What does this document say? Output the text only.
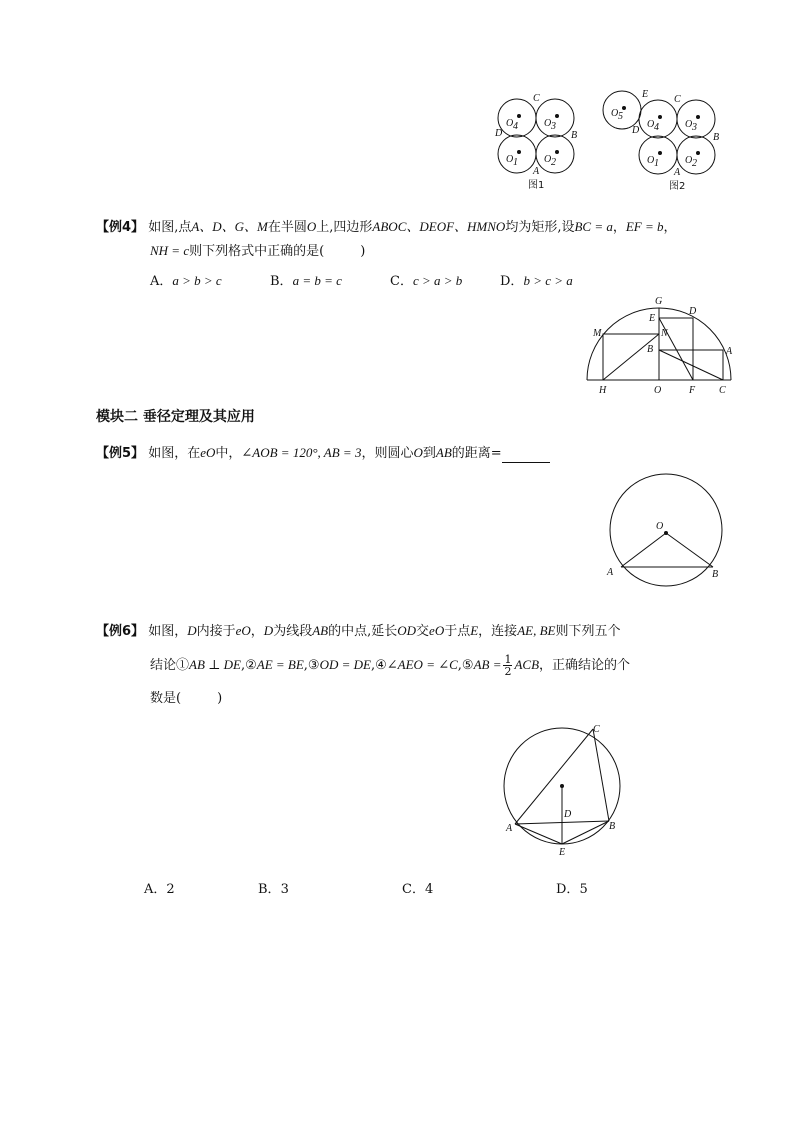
C
D	B
A
O 4	O 3
O 1	O 2
图1
E	C
D
B
A
O 5
O 4	O 3
O 1	O 2
图2
【例4】 如图,点A、D、G、M在半圆O上,四边形ABOC、DEOF、HMNO均为矩形,设BC = a，EF = b，
NH = c则下列格式中正确的是(	)
A．a > b > c	B．a = b = c	C．c > a > b	D．b > c > a
G
D
E
M	N
B	A
H	O	F C
模块二 垂径定理及其应用
【例5】 如图，在eO中，∠AOB = 120°, AB = 3，则圆心O到AB的距离=
O
A	B
【例6】 如图，D内接于eO，D为线段AB的中点,延长OD交eO于点E，连接AE, BE则下列五个
结论①AB ⊥ DE,②AE = BE,③OD = DE,④∠AEO = ∠C,⑤AB = $\frac{1}{2}$ ACB，正确结论的个
数是(	)
C
D
A	B
E
A．2	B．3	C．4	D．5
